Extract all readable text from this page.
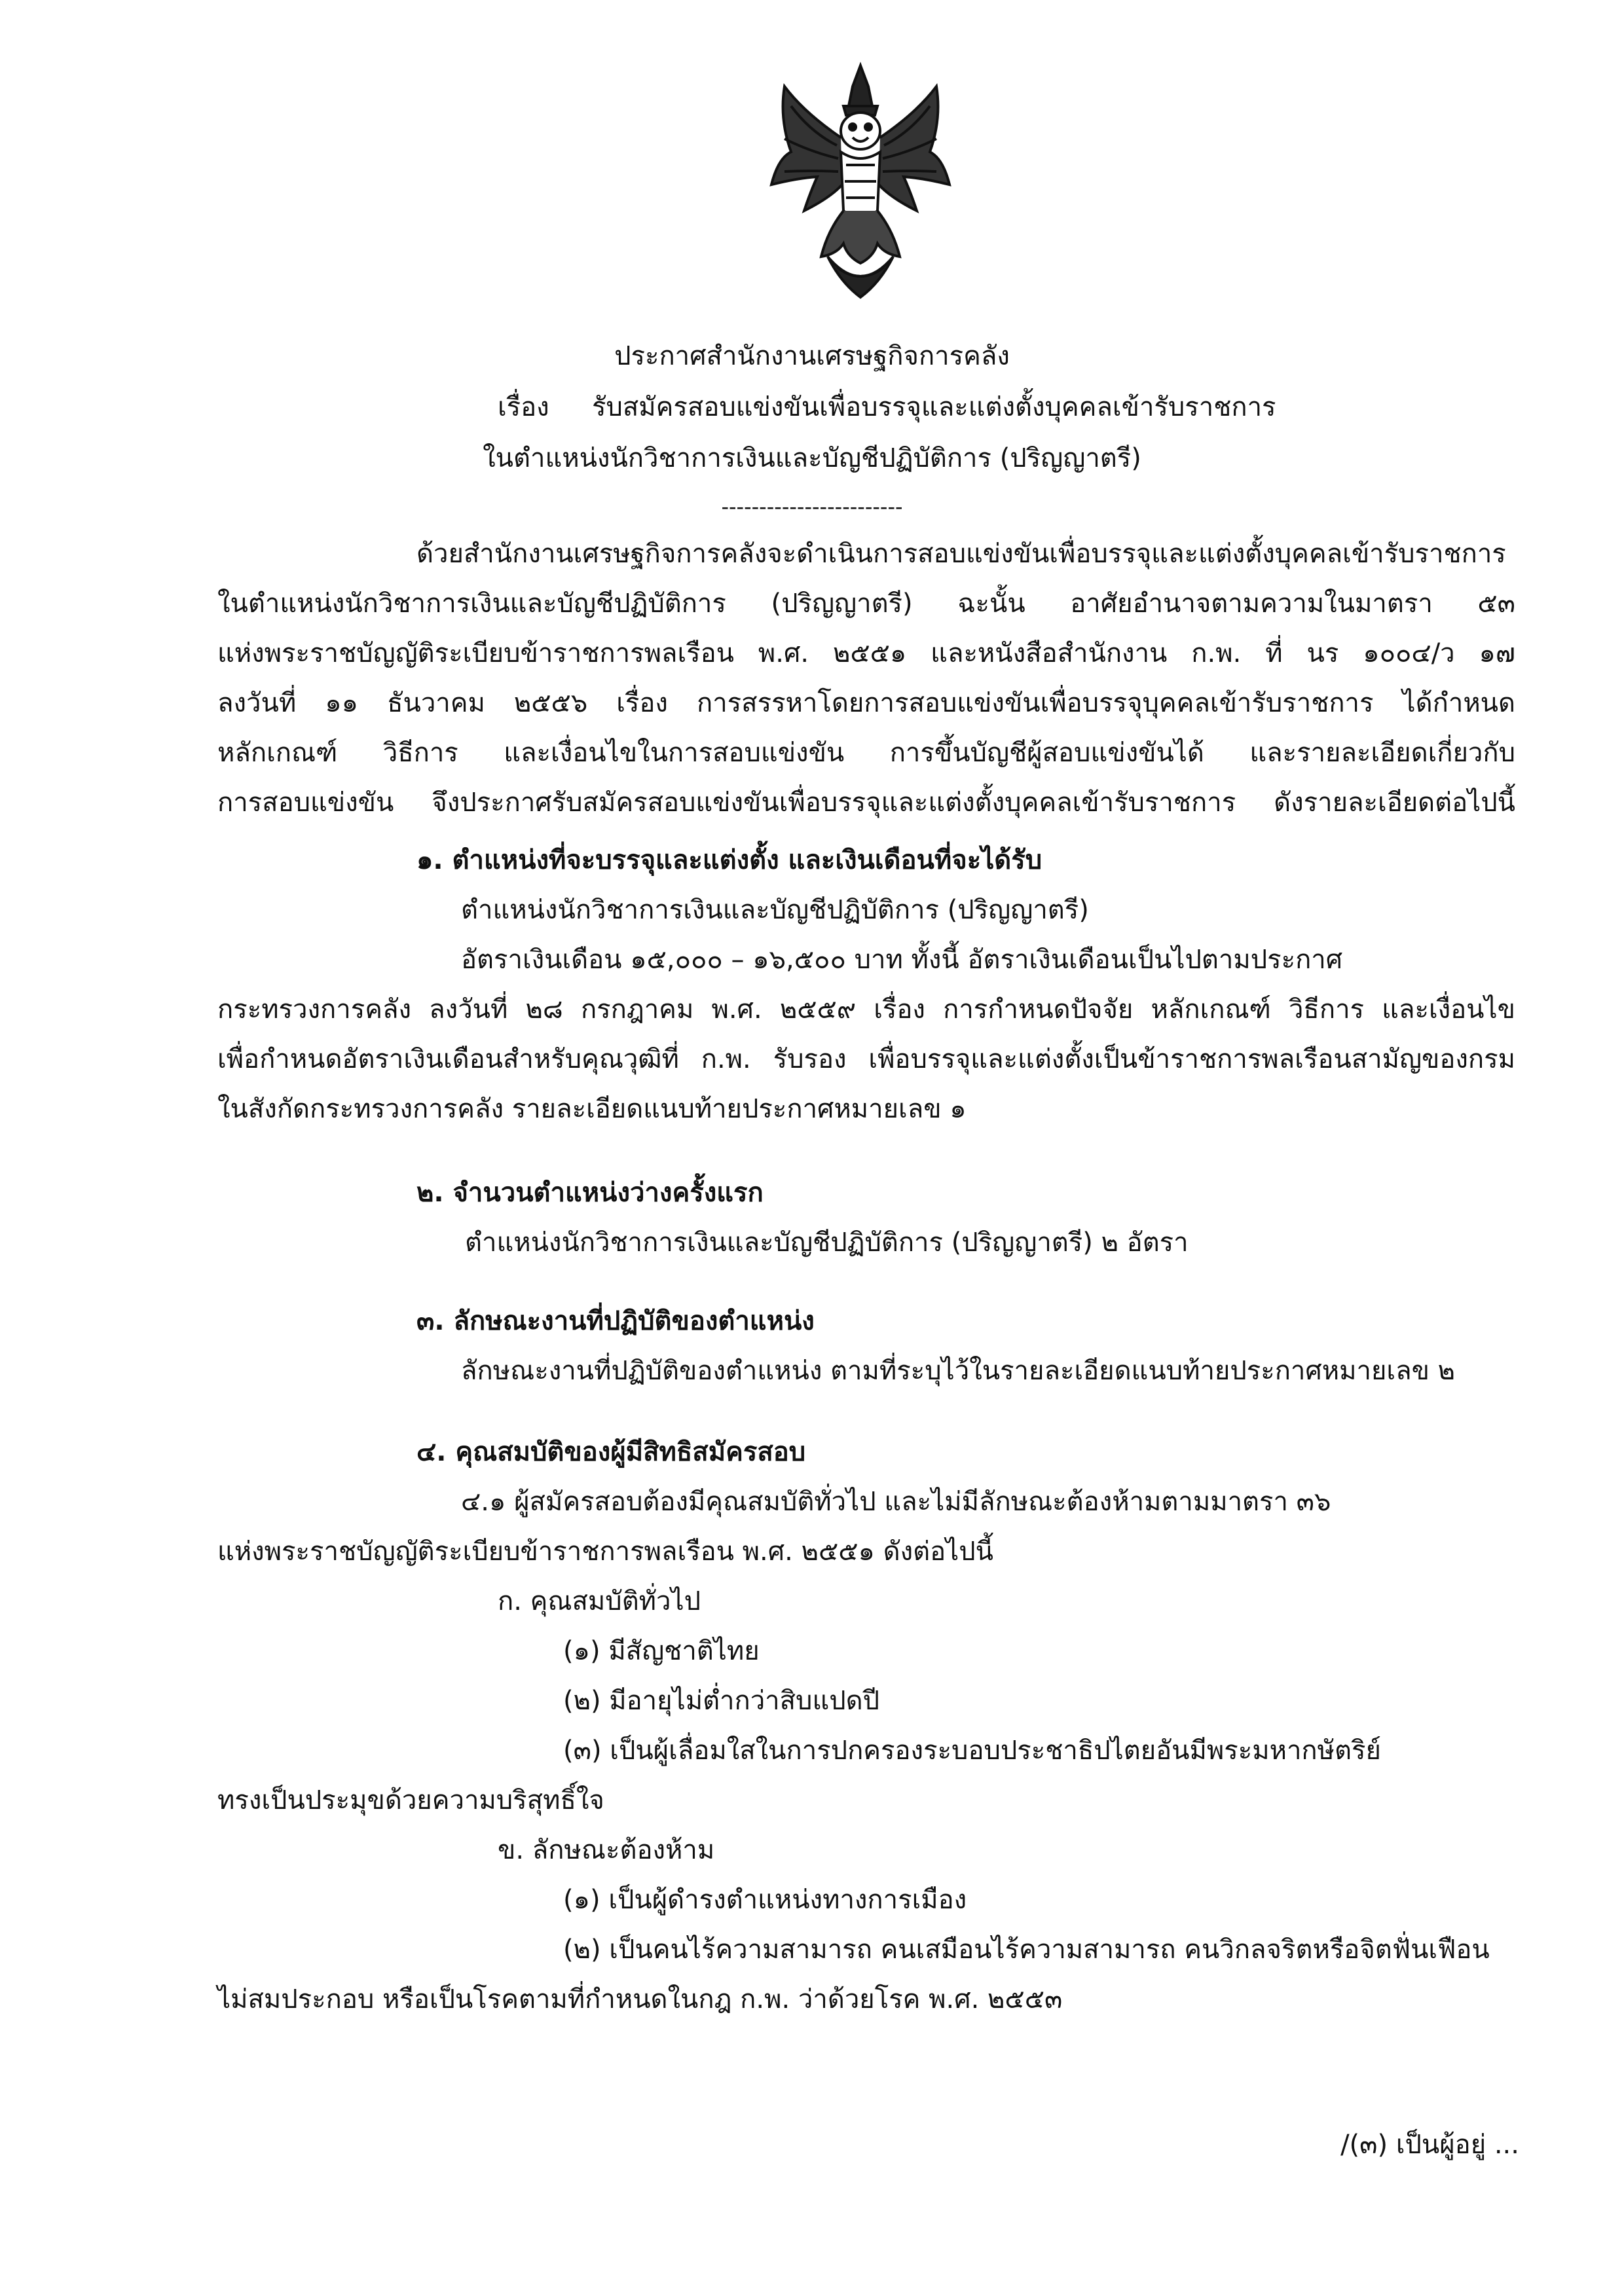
ประกาศสำนักงานเศรษฐกิจการคลัง
เรื่อง รับสมัครสอบแข่งขันเพื่อบรรจุและแต่งตั้งบุคคลเข้ารับราชการ
ในตำแหน่งนักวิชาการเงินและบัญชีปฏิบัติการ (ปริญญาตรี)
------------------------
ด้วยสำนักงานเศรษฐกิจการคลังจะดำเนินการสอบแข่งขันเพื่อบรรจุและแต่งตั้งบุคคลเข้ารับราชการ
ในตำแหน่งนักวิชาการเงินและบัญชีปฏิบัติการ (ปริญญาตรี) ฉะนั้น อาศัยอำนาจตามความในมาตรา ๕๓
แห่งพระราชบัญญัติระเบียบข้าราชการพลเรือน พ.ศ. ๒๕๕๑ และหนังสือสำนักงาน ก.พ. ที่ นร ๑๐๐๔/ว ๑๗
ลงวันที่ ๑๑ ธันวาคม ๒๕๕๖ เรื่อง การสรรหาโดยการสอบแข่งขันเพื่อบรรจุบุคคลเข้ารับราชการ ได้กำหนด
หลักเกณฑ์ วิธีการ และเงื่อนไขในการสอบแข่งขัน การขึ้นบัญชีผู้สอบแข่งขันได้ และรายละเอียดเกี่ยวกับ
การสอบแข่งขัน จึงประกาศรับสมัครสอบแข่งขันเพื่อบรรจุและแต่งตั้งบุคคลเข้ารับราชการ ดังรายละเอียดต่อไปนี้
๑. ตำแหน่งที่จะบรรจุและแต่งตั้ง และเงินเดือนที่จะได้รับ
ตำแหน่งนักวิชาการเงินและบัญชีปฏิบัติการ (ปริญญาตรี)
อัตราเงินเดือน ๑๕,๐๐๐ – ๑๖,๕๐๐ บาท ทั้งนี้ อัตราเงินเดือนเป็นไปตามประกาศ
กระทรวงการคลัง ลงวันที่ ๒๘ กรกฎาคม พ.ศ. ๒๕๕๙ เรื่อง การกำหนดปัจจัย หลักเกณฑ์ วิธีการ และเงื่อนไข
เพื่อกำหนดอัตราเงินเดือนสำหรับคุณวุฒิที่ ก.พ. รับรอง เพื่อบรรจุและแต่งตั้งเป็นข้าราชการพลเรือนสามัญของกรม
ในสังกัดกระทรวงการคลัง รายละเอียดแนบท้ายประกาศหมายเลข ๑
๒. จำนวนตำแหน่งว่างครั้งแรก
ตำแหน่งนักวิชาการเงินและบัญชีปฏิบัติการ (ปริญญาตรี) ๒ อัตรา
๓. ลักษณะงานที่ปฏิบัติของตำแหน่ง
ลักษณะงานที่ปฏิบัติของตำแหน่ง ตามที่ระบุไว้ในรายละเอียดแนบท้ายประกาศหมายเลข ๒
๔. คุณสมบัติของผู้มีสิทธิสมัครสอบ
๔.๑ ผู้สมัครสอบต้องมีคุณสมบัติทั่วไป และไม่มีลักษณะต้องห้ามตามมาตรา ๓๖
แห่งพระราชบัญญัติระเบียบข้าราชการพลเรือน พ.ศ. ๒๕๕๑ ดังต่อไปนี้
ก. คุณสมบัติทั่วไป
(๑) มีสัญชาติไทย
(๒) มีอายุไม่ต่ำกว่าสิบแปดปี
(๓) เป็นผู้เลื่อมใสในการปกครองระบอบประชาธิปไตยอันมีพระมหากษัตริย์
ทรงเป็นประมุขด้วยความบริสุทธิ์ใจ
ข. ลักษณะต้องห้าม
(๑) เป็นผู้ดำรงตำแหน่งทางการเมือง
(๒) เป็นคนไร้ความสามารถ คนเสมือนไร้ความสามารถ คนวิกลจริตหรือจิตฟั่นเฟือน
ไม่สมประกอบ หรือเป็นโรคตามที่กำหนดในกฎ ก.พ. ว่าด้วยโรค พ.ศ. ๒๕๕๓
/(๓) เป็นผู้อยู่ ...
